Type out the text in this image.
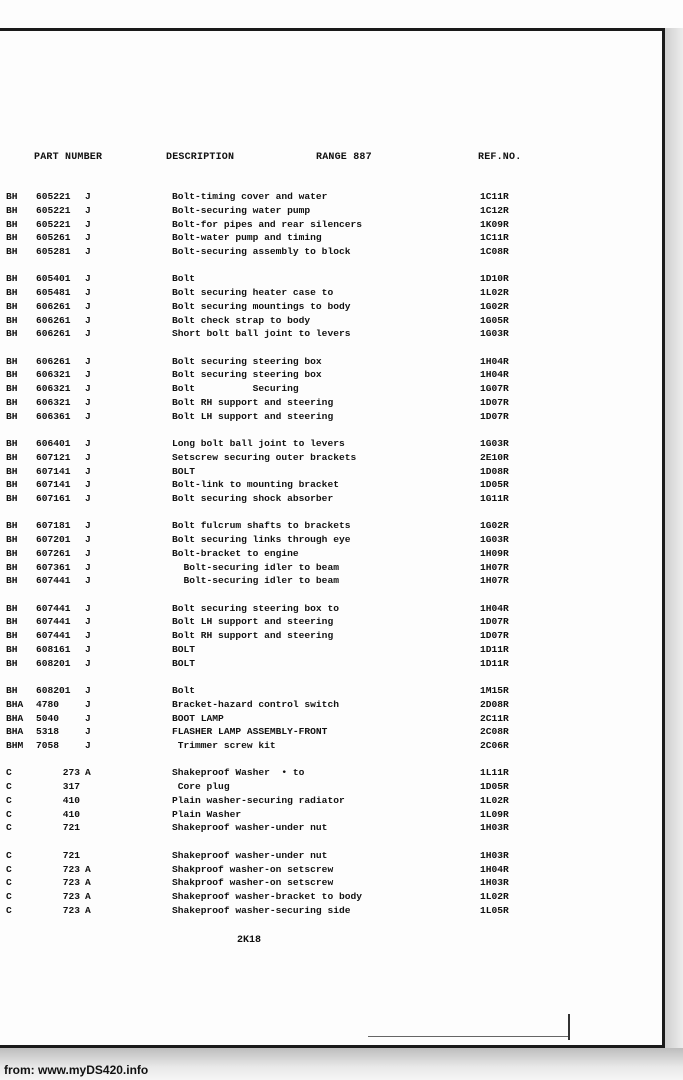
PART NUMBER	DESCRIPTION	RANGE 887	REF.NO.
BH 605221	J	Bolt-timing cover and water	1C11R
BH 605221	J	Bolt-securing water pump	1C12R
BH 605221	J	Bolt-for pipes and rear silencers	1K09R
BH 605261	J	Bolt-water pump and timing	1C11R
BH 605281	J	Bolt-securing assembly to block	1C08R
BH 605401	J	Bolt	1D10R
BH 605481	J	Bolt securing heater case to	1L02R
BH 606261	J	Bolt securing mountings to body	1G02R
BH 606261	J	Bolt check strap to body	1G05R
BH 606261	J	Short bolt ball joint to levers	1G03R
BH 606261	J	Bolt securing steering box	1H04R
BH 606321	J	Bolt securing steering box	1H04R
BH 606321	J	Bolt          Securing	1G07R
BH 606321	J	Bolt RH support and steering	1D07R
BH 606361	J	Bolt LH support and steering	1D07R
BH 606401	J	Long bolt ball joint to levers	1G03R
BH 607121	J	Setscrew securing outer brackets	2E10R
BH 607141	J	BOLT	1D08R
BH 607141	J	Bolt-link to mounting bracket	1D05R
BH 607161	J	Bolt securing shock absorber	1G11R
BH 607181	J	Bolt fulcrum shafts to brackets	1G02R
BH 607201	J	Bolt securing links through eye	1G03R
BH 607261	J	Bolt-bracket to engine	1H09R
BH 607361	J	Bolt-securing idler to beam	1H07R
BH 607441	J	Bolt-securing idler to beam	1H07R
BH 607441	J	Bolt securing steering box to	1H04R
BH 607441	J	Bolt LH support and steering	1D07R
BH 607441	J	Bolt RH support and steering	1D07R
BH 608161	J	BOLT	1D11R
BH 608201	J	BOLT	1D11R
BH 608201	J	Bolt	1M15R
BHA 4780	J	Bracket-hazard control switch	2D08R
BHA 5040	J	BOOT LAMP	2C11R
BHA 5318	J	FLASHER LAMP ASSEMBLY-FRONT	2C08R
BHM 7058	J	Trimmer screw kit	2C06R
C	273 A	Shakeproof Washer  • to	1L11R
C	317	Core plug	1D05R
C	410	Plain washer-securing radiator	1L02R
C	410	Plain Washer	1L09R
C	721	Shakeproof washer-under nut	1H03R
C	721	Shakeproof washer-under nut	1H03R
C	723 A	Shakproof washer-on setscrew	1H04R
C	723 A	Shakproof washer-on setscrew	1H03R
C	723 A	Shakeproof washer-bracket to body	1L02R
C	723 A	Shakeproof washer-securing side	1L05R
2K18
from: www.myDS420.info
